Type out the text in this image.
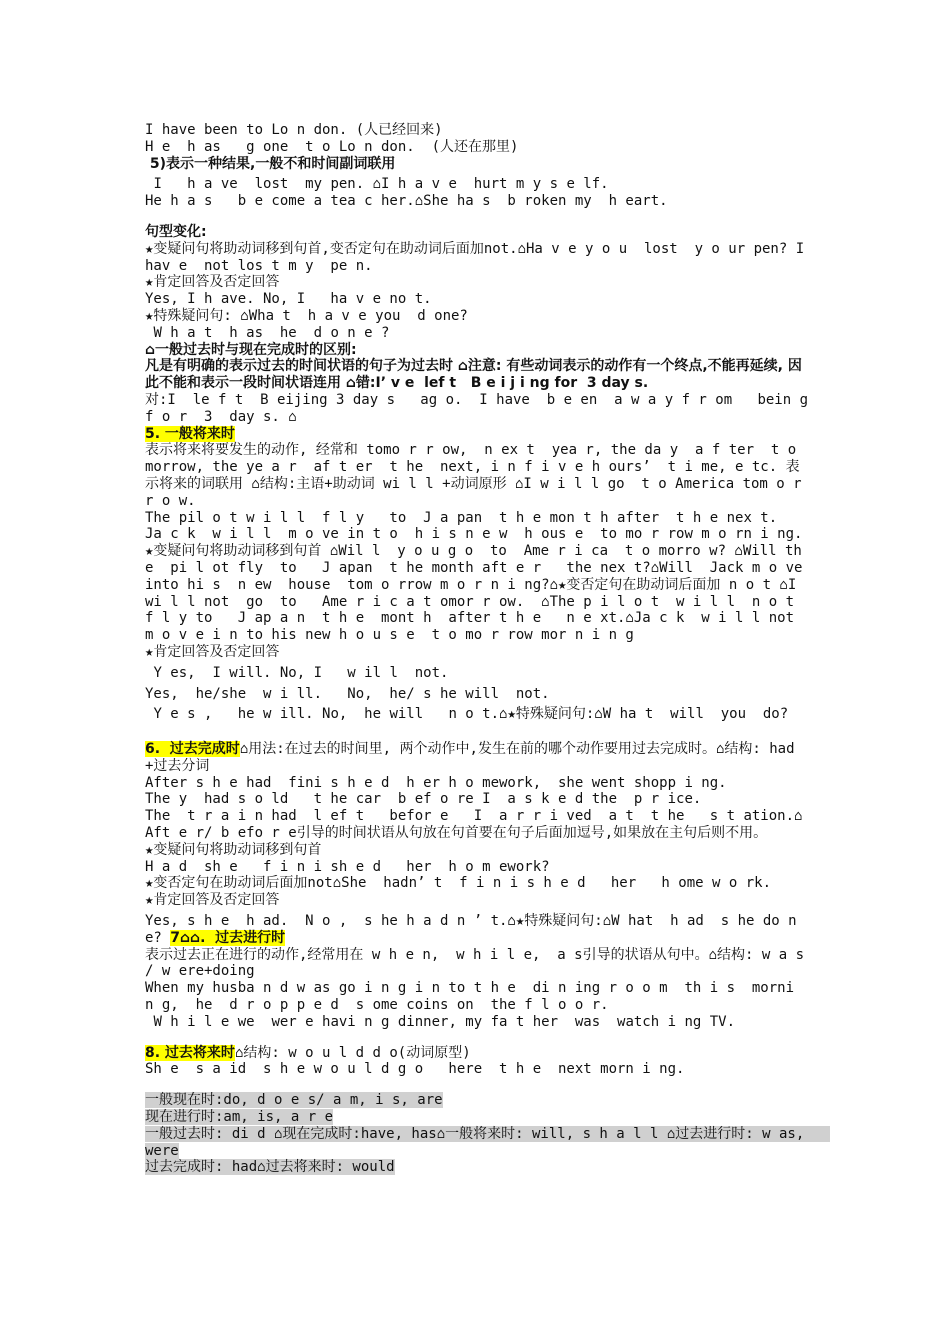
I have been to Lo n don. (人已经回来)

H e  h as   g one  t o Lo n don.  (人还在那里)

5)表示一种结果,一般不和时间副词联用

I   h a ve  lost  my pen. ⌂I h a v e  hurt m y s e lf.

He h a s   b e come a tea c her.⌂She ha s  b roken my  h eart.

句型变化:

★变疑问句将助动词移到句首,变否定句在助动词后面加not.⌂Ha v e y o u  lost  y o ur pen? I hav e  not los t m y  pe n.

★肯定回答及否定回答

Yes, I h ave. No, I   ha v e no t.

★特殊疑问句: ⌂Wha t  h a v e you  d one?

W h a t  h as  he  d o n e ?

⌂一般过去时与现在完成时的区别:

凡是有明确的表示过去的时间状语的句子为过去时 ⌂注意: 有些动词表示的动作有一个终点,不能再延续, 因此不能和表示一段时间状语连用 ⌂错:I’ v e  lef t   B e i j i ng for  3 day s.

对:I  le f t  B eijing 3 day s   ag o.  I have  b e en  a w a y f r om   bein g  f o r  3  day s. ⌂

5. 一般将来时

表示将来将要发生的动作, 经常和 tomo r r ow,  n ex t  yea r, the da y  a f ter  t o morrow, the ye a r  af t er  t he  next, i n f i v e h ours’  t i me, e tc. 表示将来的词联用 ⌂结构:主语+助动词 wi l l +动词原形 ⌂I w i l l go  t o America tom o r r o w.

The pil o t w i l l  f l y   to  J a pan  t h e mon t h after  t h e nex t.

Ja c k  w i l l  m o ve in t o  h i s n e w  h ous e  to mo r row m o rn i ng.

★变疑问句将助动词移到句首 ⌂Wil l  y o u g o  to  Ame r i ca  t o morro w? ⌂Will the  pi l ot fly  to   J apan  t he month aft e r   the nex t?⌂Will  Jack m o ve into hi s  n ew  house  tom o rrow m o r n i ng?⌂★变否定句在助动词后面加 n o t ⌂I  wi l l not  go  to   Ame r i c a t omor r ow.  ⌂The p i l o t  w i l l  n o t f l y to   J ap a n  t h e  mont h  after t h e   n e xt.⌂Ja c k  w i l l not m o v e i n to his new h o u s e  t o mo r row mor n i n g

★肯定回答及否定回答

Y es,  I will. No, I   w il l  not.

Yes,  he/she  w i ll.   No,  he/ s he will  not.

Y e s ,   he w ill. No,  he will   n o t.⌂★特殊疑问句:⌂W ha t  will  you  do?

6.  过去完成时⌂用法:在过去的时间里, 两个动作中,发生在前的哪个动作要用过去完成时。⌂结构: had+过去分词

After s h e had  fini s h e d  h er h o mework,  she went shopp i ng.

The y  had s o ld   t he car  b ef o re I  a s k e d the  p r ice.

The  t r a i n had  l ef t   befor e   I  a r r i ved  a t  t he   s t ation.⌂Aft e r/ b efo r e引导的时间状语从句放在句首要在句子后面加逗号,如果放在主句后则不用。

★变疑问句将助动词移到句首

H a d  sh e   f i n i sh e d   her  h o m ework?

★变否定句在助动词后面加not⌂She  hadn’ t  f i n i s h e d   her   h ome w o rk.

★肯定回答及否定回答

Yes, s h e  h ad.  N o ,  s he h a d n ’ t.⌂★特殊疑问句:⌂W hat  h ad  s he do n e? 7⌂⌂.  过去进行时

表示过去正在进行的动作,经常用在 w h e n,  w h i l e,  a s引导的状语从句中。⌂结构: w a s / w ere+doing

When my husba n d w as go i n g i n to t h e  di n ing r o o m  th i s  morni n g,  he  d r o p p e d  s ome coins on  the f l o o r.

W h i l e we  wer e havi n g dinner, my fa t her  was  watch i ng TV.

8. 过去将来时⌂结构: w o u l d d o(动词原型)

Sh e  s a id  s h e w o u l d g o   here  t h e  next morn i ng.

一般现在时:do, d o e s/ a m, i s, are

现在进行时:am, is, a r e

一般过去时: di d ⌂现在完成时:have, has⌂一般将来时: will, s h a l l ⌂过去进行时: w as,   were

过去完成时: had⌂过去将来时: would
